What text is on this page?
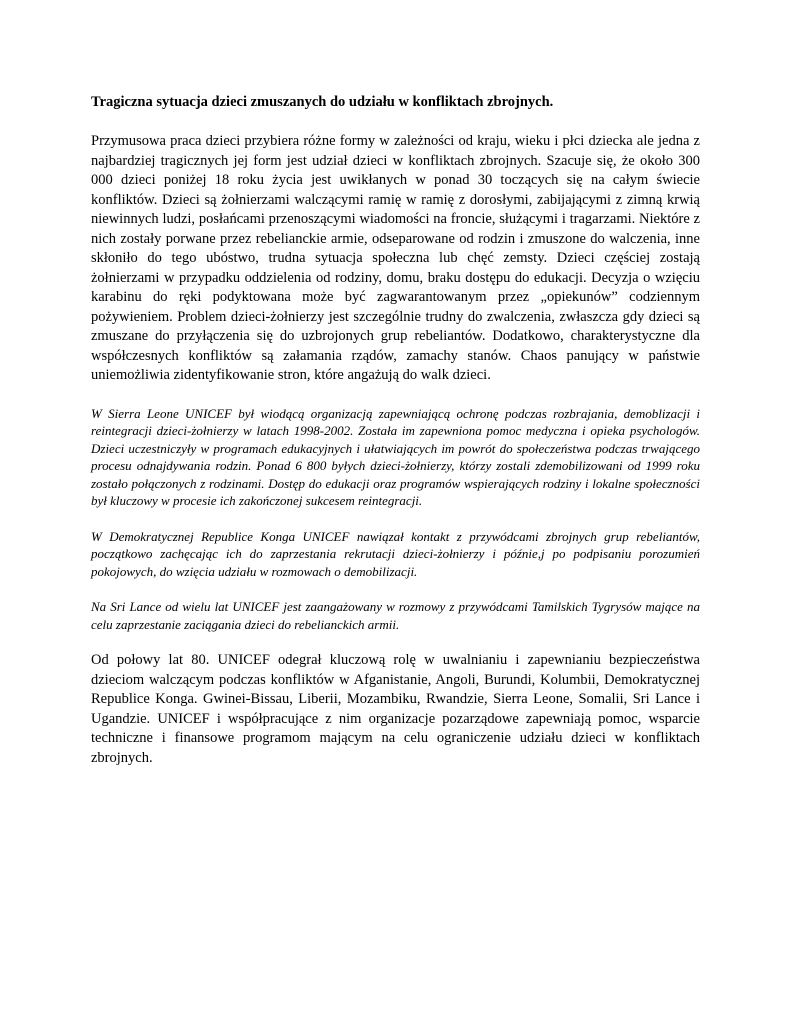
Tragiczna sytuacja dzieci zmuszanych do udziału w konfliktach zbrojnych.

Przymusowa praca dzieci przybiera różne formy w zależności od kraju, wieku i płci dziecka ale jedna z najbardziej tragicznych jej form jest udział dzieci w konfliktach zbrojnych. Szacuje się, że około 300 000 dzieci poniżej 18 roku życia jest uwikłanych w ponad 30 toczących się na całym świecie konfliktów. Dzieci są żołnierzami walczącymi ramię w ramię z dorosłymi, zabijającymi z zimną krwią niewinnych ludzi, posłańcami przenoszącymi wiadomości na froncie, służącymi i tragarzami. Niektóre z nich zostały porwane przez rebelianckie armie, odseparowane od rodzin i zmuszone do walczenia, inne skłoniło do tego ubóstwo, trudna sytuacja społeczna lub chęć zemsty. Dzieci częściej zostają żołnierzami w przypadku oddzielenia od rodziny, domu, braku dostępu do edukacji. Decyzja o wzięciu karabinu do ręki podyktowana może być zagwarantowanym przez „opiekunów” codziennym pożywieniem. Problem dzieci-żołnierzy jest szczególnie trudny do zwalczenia, zwłaszcza gdy dzieci są zmuszane do przyłączenia się do uzbrojonych grup rebeliantów. Dodatkowo, charakterystyczne dla współczesnych konfliktów są załamania rządów, zamachy stanów. Chaos panujący w państwie uniemożliwia zidentyfikowanie stron, które angażują do walk dzieci.

W Sierra Leone UNICEF był wiodącą organizacją zapewniającą ochronę podczas rozbrajania, demoblizacji i reintegracji dzieci-żołnierzy w latach 1998-2002. Została im zapewniona pomoc medyczna i opieka psychologów. Dzieci uczestniczyły w programach edukacyjnych i ułatwiających im powrót do społeczeństwa podczas trwającego procesu odnajdywania rodzin. Ponad 6 800 byłych dzieci-żołnierzy, którzy zostali zdemobilizowani od 1999 roku zostało połączonych z rodzinami. Dostęp do edukacji oraz programów wspierających rodziny i lokalne społeczności był kluczowy w procesie ich zakończonej sukcesem reintegracji.

W Demokratycznej Republice Konga UNICEF nawiązał kontakt z przywódcami zbrojnych grup rebeliantów, początkowo zachęcając ich do zaprzestania rekrutacji dzieci-żołnierzy i późnie,j po podpisaniu porozumień pokojowych, do wzięcia udziału w rozmowach o demobilizacji.

Na Sri Lance od wielu lat UNICEF jest zaangażowany w rozmowy z przywódcami Tamilskich Tygrysów mające na celu zaprzestanie zaciągania dzieci do rebelianckich armii.

Od połowy lat 80. UNICEF odegrał kluczową rolę w uwalnianiu i zapewnianiu bezpieczeństwa dzieciom walczącym podczas konfliktów w Afganistanie, Angoli, Burundi, Kolumbii, Demokratycznej Republice Konga. Gwinei-Bissau, Liberii, Mozambiku, Rwandzie, Sierra Leone, Somalii, Sri Lance i Ugandzie. UNICEF i współpracujące z nim organizacje pozarządowe zapewniają pomoc, wsparcie techniczne i finansowe programom mającym na celu ograniczenie udziału dzieci w konfliktach zbrojnych.
